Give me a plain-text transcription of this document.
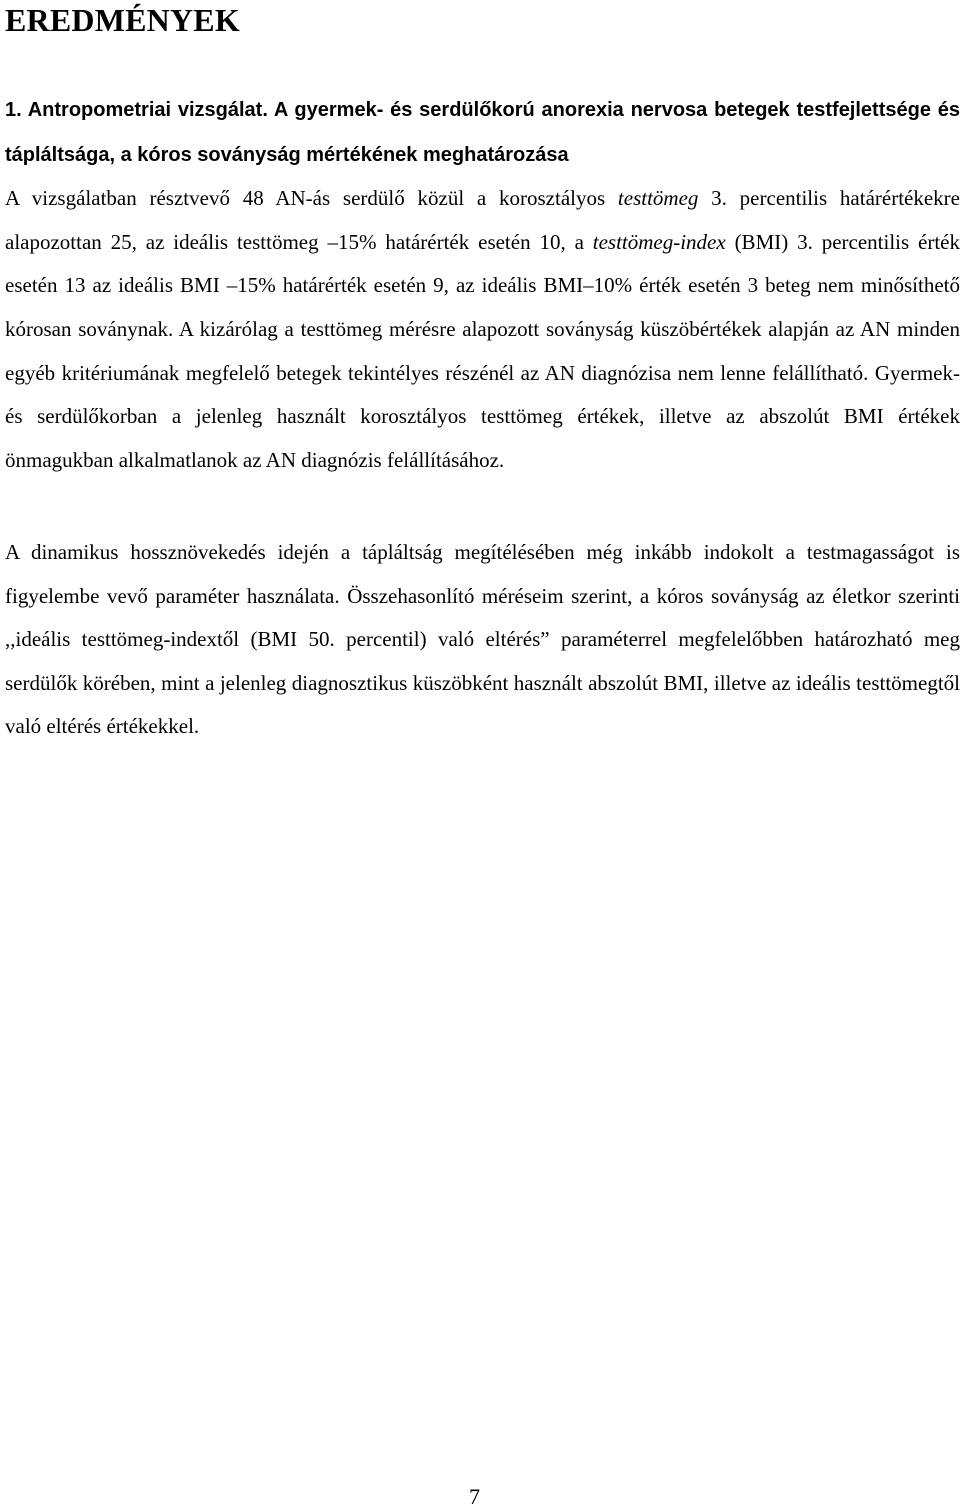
EREDMÉNYEK

1. Antropometriai vizsgálat. A gyermek- és serdülőkorú anorexia nervosa betegek testfejlettsége és tápláltsága, a kóros soványság mértékének meghatározása
A vizsgálatban résztvevő 48 AN-ás serdülő közül a korosztályos testtömeg 3. percentilis határértékekre alapozottan 25, az ideális testtömeg –15% határérték esetén 10, a testtömeg-index (BMI) 3. percentilis érték esetén 13 az ideális BMI –15% határérték esetén 9, az ideális BMI–10% érték esetén 3 beteg nem minősíthető kórosan soványnak. A kizárólag a testtömeg mérésre alapozott soványság küszöbértékek alapján az AN minden egyéb kritériumának megfelelő betegek tekintélyes részénél az AN diagnózisa nem lenne felállítható. Gyermek- és serdülőkorban a jelenleg használt korosztályos testtömeg értékek, illetve az abszolút BMI értékek önmagukban alkalmatlanok az AN diagnózis felállításához.

A dinamikus hossznövekedés idején a tápláltság megítélésében még inkább indokolt a testmagasságot is figyelembe vevő paraméter használata. Összehasonlító méréseim szerint, a kóros soványság az életkor szerinti ,,ideális testtömeg-indextől (BMI 50. percentil) való eltérés” paraméterrel megfelelőbben határozható meg serdülők körében, mint a jelenleg diagnosztikus küszöbként használt abszolút BMI, illetve az ideális testtömegtől való eltérés értékekkel.

7
